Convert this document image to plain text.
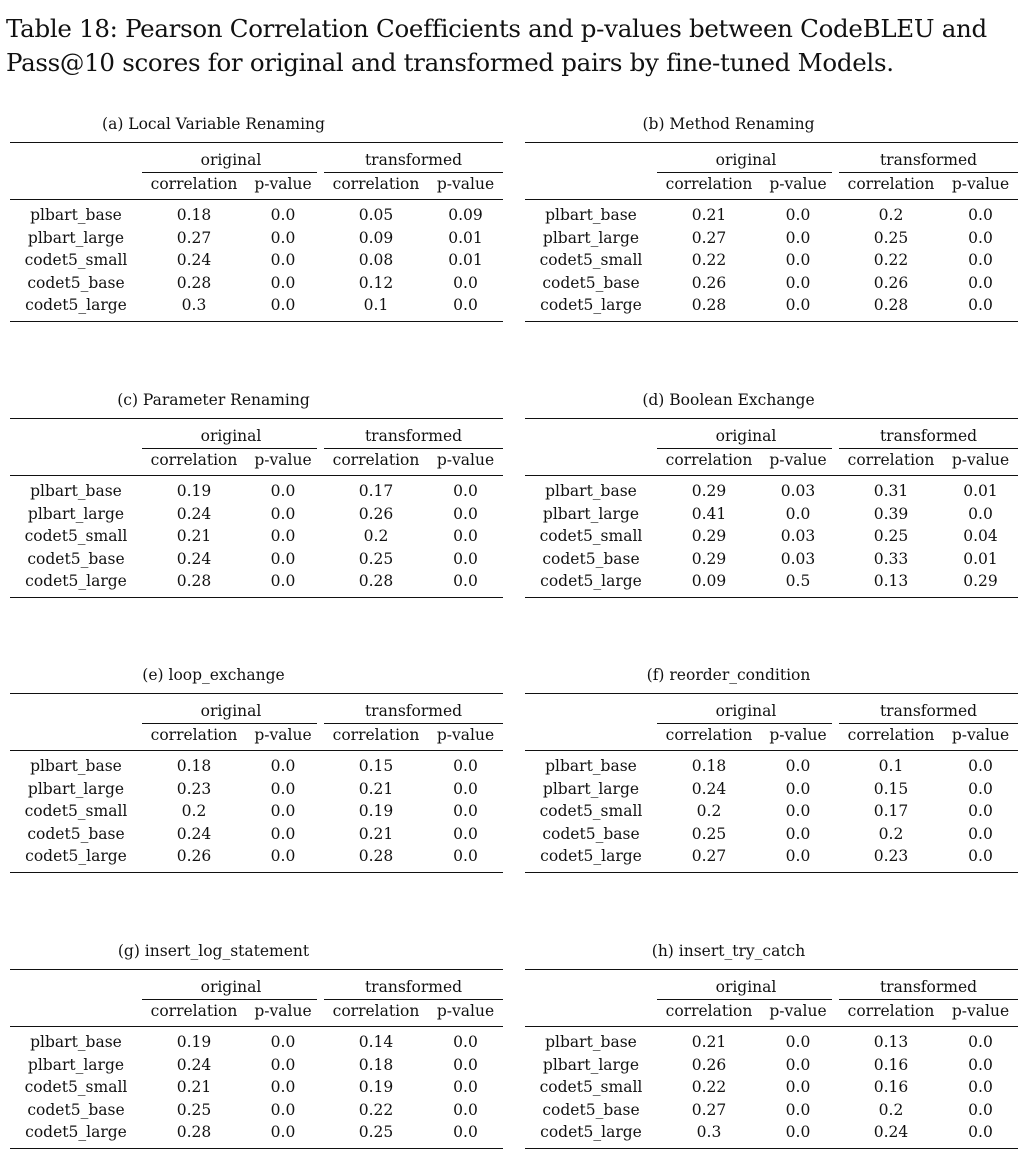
Table 18: Pearson Correlation Coefficients and p-values between CodeBLEU and Pass@10 scores for original and transformed pairs by fine-tuned Models.
(a) Local Variable Renaming
original	transformed
correlation	p-value	correlation	p-value
plbart_base	0.18	0.0	0.05	0.09
plbart_large	0.27	0.0	0.09	0.01
codet5_small	0.24	0.0	0.08	0.01
codet5_base	0.28	0.0	0.12	0.0
codet5_large	0.3	0.0	0.1	0.0
(b) Method Renaming
original	transformed
correlation	p-value	correlation	p-value
plbart_base	0.21	0.0	0.2	0.0
plbart_large	0.27	0.0	0.25	0.0
codet5_small	0.22	0.0	0.22	0.0
codet5_base	0.26	0.0	0.26	0.0
codet5_large	0.28	0.0	0.28	0.0
(c) Parameter Renaming
original	transformed
correlation	p-value	correlation	p-value
plbart_base	0.19	0.0	0.17	0.0
plbart_large	0.24	0.0	0.26	0.0
codet5_small	0.21	0.0	0.2	0.0
codet5_base	0.24	0.0	0.25	0.0
codet5_large	0.28	0.0	0.28	0.0
(d) Boolean Exchange
original	transformed
correlation	p-value	correlation	p-value
plbart_base	0.29	0.03	0.31	0.01
plbart_large	0.41	0.0	0.39	0.0
codet5_small	0.29	0.03	0.25	0.04
codet5_base	0.29	0.03	0.33	0.01
codet5_large	0.09	0.5	0.13	0.29
(e) loop_exchange
original	transformed
correlation	p-value	correlation	p-value
plbart_base	0.18	0.0	0.15	0.0
plbart_large	0.23	0.0	0.21	0.0
codet5_small	0.2	0.0	0.19	0.0
codet5_base	0.24	0.0	0.21	0.0
codet5_large	0.26	0.0	0.28	0.0
(f) reorder_condition
original	transformed
correlation	p-value	correlation	p-value
plbart_base	0.18	0.0	0.1	0.0
plbart_large	0.24	0.0	0.15	0.0
codet5_small	0.2	0.0	0.17	0.0
codet5_base	0.25	0.0	0.2	0.0
codet5_large	0.27	0.0	0.23	0.0
(g) insert_log_statement
original	transformed
correlation	p-value	correlation	p-value
plbart_base	0.19	0.0	0.14	0.0
plbart_large	0.24	0.0	0.18	0.0
codet5_small	0.21	0.0	0.19	0.0
codet5_base	0.25	0.0	0.22	0.0
codet5_large	0.28	0.0	0.25	0.0
(h) insert_try_catch
original	transformed
correlation	p-value	correlation	p-value
plbart_base	0.21	0.0	0.13	0.0
plbart_large	0.26	0.0	0.16	0.0
codet5_small	0.22	0.0	0.16	0.0
codet5_base	0.27	0.0	0.2	0.0
codet5_large	0.3	0.0	0.24	0.0
